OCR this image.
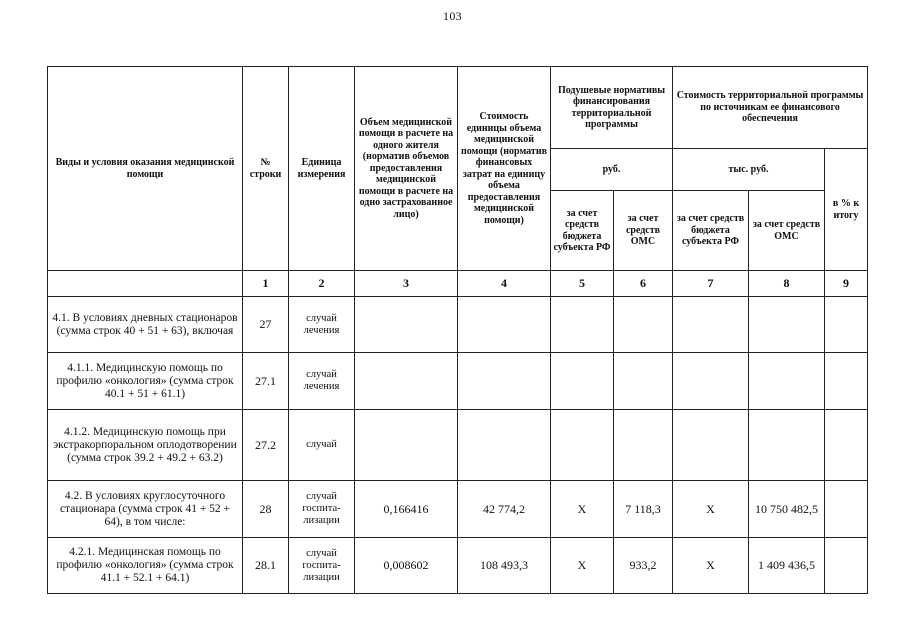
103
Виды и условия оказания медицинской помощи	№ строки	Единица измерения	Объем медицинской помощи в расчете на одного жителя (норматив объемов предоставления медицинской помощи в расчете на одно застрахованное лицо)	Стоимость единицы объема медицинской помощи (норматив финансовых затрат на единицу объема предоставления медицинской помощи)	Подушевые нормативы финансирования территориальной программы		Стоимость территориальной программы по источникам ее финансового обеспечения		
					руб.		тыс. руб.		в % к итогу
					за счет средств бюджета субъекта РФ	за счет средств ОМС	за счет средств бюджета субъекта РФ	за счет средств ОМС	
	1	2	3	4	5	6	7	8	9
4.1. В условиях дневных стационаров (сумма строк 40 + 51 + 63), включая	27	случай лечения							
4.1.1. Медицинскую помощь по профилю «онкология» (сумма строк 40.1 + 51 + 61.1)	27.1	случай лечения							
4.1.2. Медицинскую помощь при экстракорпоральном оплодотворении (сумма строк 39.2 + 49.2 + 63.2)	27.2	случай							
4.2. В условиях круглосуточного стационара (сумма строк 41 + 52 + 64), в том числе:	28	случай госпитализации	0,166416	42 774,2	Х	7 118,3	Х	10 750 482,5	
4.2.1. Медицинская помощь по профилю «онкология» (сумма строк 41.1 + 52.1 + 64.1)	28.1	случай госпитализации	0,008602	108 493,3	Х	933,2	Х	1 409 436,5	
